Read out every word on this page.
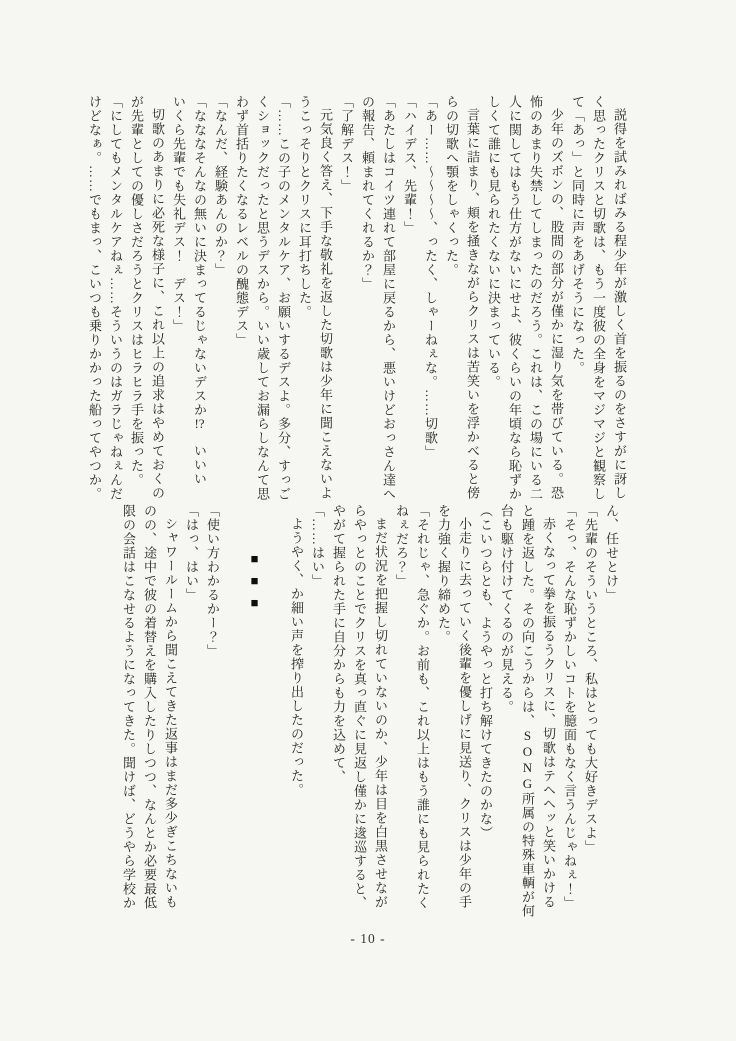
説得を試みればみる程少年が激しく首を振るのをさすがに訝し

く思ったクリスと切歌は、もう一度彼の全身をマジマジと観察し

て「あっ」と同時に声をあげそうになった。

少年のズボンの、股間の部分が僅かに湿り気を帯びている。恐

怖のあまり失禁してしまったのだろう。これは、この場にいる二

人に関してはもう仕方がないにせよ、彼くらいの年頃なら恥ずか

しくて誰にも見られたくないに決まっている。

言葉に詰まり、頬を掻きながらクリスは苦笑いを浮かべると傍

らの切歌へ顎をしゃくった。

「あー……〜〜〜〜、ったく、しゃーねぇな。……切歌」

「ハイデス、先輩！」

「あたしはコイツ連れて部屋に戻るから、悪いけどおっさん達へ

の報告、頼まれてくれるか？」

「了解デス！」

元気良く答え、下手な敬礼を返した切歌は少年に聞こえないよ

うこっそりとクリスに耳打ちした。

「……この子のメンタルケア、お願いするデスよ。多分、すっご

くショックだったと思うデスから。いい歳してお漏らしなんて思

わず首括りたくなるレベルの醜態デス」

「なんだ、経験あんのか？」

「なななそんなの無いに決まってるじゃないデスか!?　いいい

いくら先輩でも失礼デス！　デス！」

切歌のあまりに必死な様子に、これ以上の追求はやめておくの

が先輩としての優しさだろうとクリスはヒラヒラ手を振った。

「にしてもメンタルケアねぇ……そういうのはガラじゃねぇんだ

けどなぁ。……でもまっ、こいつも乗りかかった船ってやつか。

ん、任せとけ」

「先輩のそういうところ、私はとっても大好きデスよ」

「そっ、そんな恥ずかしいコトを臆面もなく言うんじゃねぇ！」

赤くなって拳を振るうクリスに、切歌はテヘヘッと笑いかける

と踵を返した。その向こうからは、SONG所属の特殊車輌が何

台も駆け付けてくるのが見える。

（こいつらとも、ようやっと打ち解けてきたのかな）

小走りに去っていく後輩を優しげに見送り、クリスは少年の手

を力強く握り締めた。

「それじゃ、急ぐか。お前も、これ以上はもう誰にも見られたく

ねぇだろ？」

まだ状況を把握し切れていないのか、少年は目を白黒させなが

らやっとのことでクリスを真っ直ぐに見返し僅かに逡巡すると、

やがて握られた手に自分からも力を込めて、

「……はい」

ようやく、か細い声を搾り出したのだった。

■■■

「使い方わかるかー？」

「はっ、はい」

シャワールームから聞こえてきた返事はまだ多少ぎこちないも

のの、途中で彼の着替えを購入したりしつつ、なんとか必要最低

限の会話はこなせるようになってきた。聞けば、どうやら学校か

- 10 -
